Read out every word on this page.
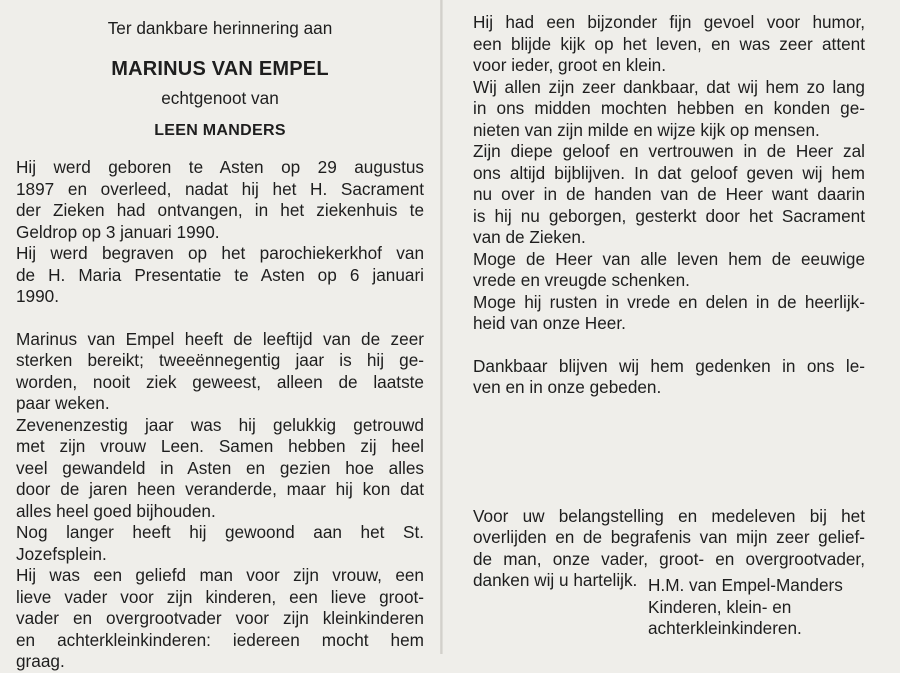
Ter dankbare herinnering aan
MARINUS VAN EMPEL
echtgenoot van
LEEN MANDERS

Hij werd geboren te Asten op 29 augustus
1897 en overleed, nadat hij het H. Sacrament
der Zieken had ontvangen, in het ziekenhuis te
Geldrop op 3 januari 1990.

Hij werd begraven op het parochiekerkhof van
de H. Maria Presentatie te Asten op 6 januari
1990.

Marinus van Empel heeft de leeftijd van de zeer
sterken bereikt; tweeënnegentig jaar is hij ge-
worden, nooit ziek geweest, alleen de laatste
paar weken.

Zevenenzestig jaar was hij gelukkig getrouwd
met zijn vrouw Leen. Samen hebben zij heel
veel gewandeld in Asten en gezien hoe alles
door de jaren heen veranderde, maar hij kon dat
alles heel goed bijhouden.

Nog langer heeft hij gewoond aan het St.
Jozefsplein.

Hij was een geliefd man voor zijn vrouw, een
lieve vader voor zijn kinderen, een lieve groot-
vader en overgrootvader voor zijn kleinkinderen
en achterkleinkinderen: iedereen mocht hem
graag.

Hij had een bijzonder fijn gevoel voor humor,
een blijde kijk op het leven, en was zeer attent
voor ieder, groot en klein.

Wij allen zijn zeer dankbaar, dat wij hem zo lang
in ons midden mochten hebben en konden ge-
nieten van zijn milde en wijze kijk op mensen.

Zijn diepe geloof en vertrouwen in de Heer zal
ons altijd bijblijven. In dat geloof geven wij hem
nu over in de handen van de Heer want daarin
is hij nu geborgen, gesterkt door het Sacrament
van de Zieken.

Moge de Heer van alle leven hem de eeuwige
vrede en vreugde schenken.

Moge hij rusten in vrede en delen in de heerlijk-
heid van onze Heer.

Dankbaar blijven wij hem gedenken in ons le-
ven en in onze gebeden.

Voor uw belangstelling en medeleven bij het
overlijden en de begrafenis van mijn zeer gelief-
de man, onze vader, groot- en overgrootvader,
danken wij u hartelijk. H.M. van Empel-Manders
Kinderen, klein- en
achterkleinkinderen.
